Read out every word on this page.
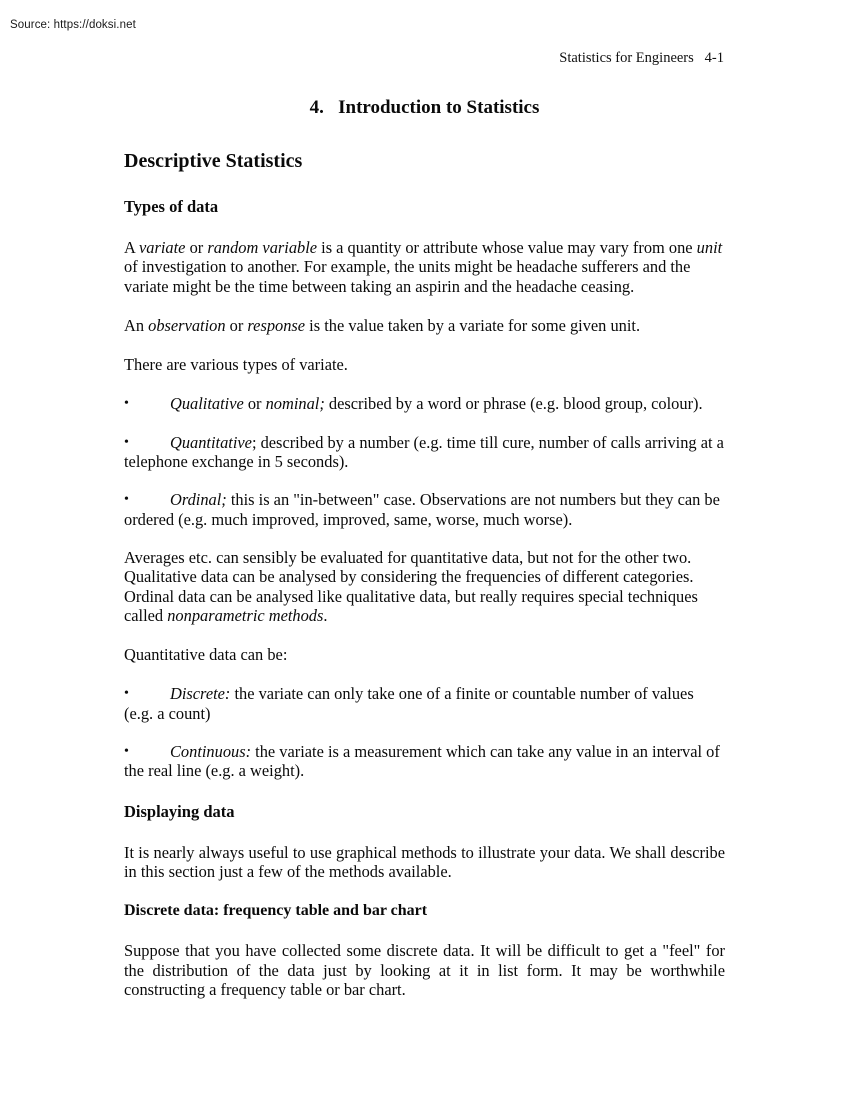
Source: https://doksi.net
Statistics for Engineers   4-1
4.   Introduction to Statistics
Descriptive Statistics
Types of data

A variate or random variable is a quantity or attribute whose value may vary from one unit of investigation to another. For example, the units might be headache sufferers and the variate might be the time between taking an aspirin and the headache ceasing.

An observation or response is the value taken by a variate for some given unit.

There are various types of variate.

•	Qualitative or nominal; described by a word or phrase (e.g. blood group, colour).
•	Quantitative; described by a number (e.g. time till cure, number of calls arriving at a telephone exchange in 5 seconds).
•	Ordinal; this is an "in-between" case. Observations are not numbers but they can be ordered (e.g. much improved, improved, same, worse, much worse).

Averages etc. can sensibly be evaluated for quantitative data, but not for the other two. Qualitative data can be analysed by considering the frequencies of different categories. Ordinal data can be analysed like qualitative data, but really requires special techniques called nonparametric methods.

Quantitative data can be:

•	Discrete: the variate can only take one of a finite or countable number of values (e.g. a count)
•	Continuous: the variate is a measurement which can take any value in an interval of the real line (e.g. a weight).
Displaying data

It is nearly always useful to use graphical methods to illustrate your data. We shall describe in this section just a few of the methods available.

Discrete data: frequency table and bar chart

Suppose that you have collected some discrete data. It will be difficult to get a "feel" for the distribution of the data just by looking at it in list form. It may be worthwhile constructing a frequency table or bar chart.
